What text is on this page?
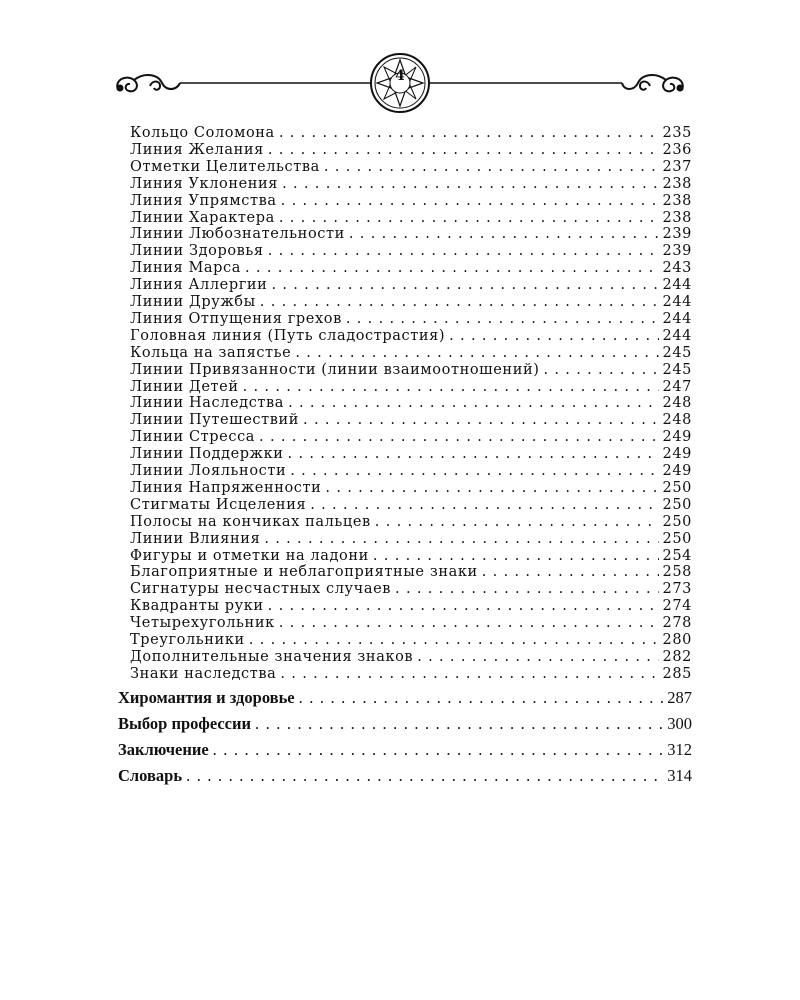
4
Кольцо Соломона .....	235
Линия Желания .....	236
Отметки Целительства .....	237
Линия Уклонения .....	238
Линия Упрямства .....	238
Линии Характера .....	238
Линии Любознательности .....	239
Линии Здоровья .....	239
Линия Марса .....	243
Линия Аллергии .....	244
Линии Дружбы .....	244
Линия Отпущения грехов .....	244
Головная линия (Путь сладострастия) .....	244
Кольца на запястье .....	245
Линии Привязанности (линии взаимоотношений) .....	245
Линии Детей .....	247
Линии Наследства .....	248
Линии Путешествий .....	248
Линии Стресса .....	249
Линии Поддержки .....	249
Линии Лояльности .....	249
Линия Напряженности .....	250
Стигматы Исцеления .....	250
Полосы на кончиках пальцев .....	250
Линии Влияния .....	250
Фигуры и отметки на ладони .....	254
Благоприятные и неблагоприятные знаки .....	258
Сигнатуры несчастных случаев .....	273
Квадранты руки .....	274
Четырехугольник .....	278
Треугольники .....	280
Дополнительные значения знаков .....	282
Знаки наследства .....	285
Хиромантия и здоровье .....	287
Выбор профессии .....	300
Заключение .....	312
Словарь .....	314
